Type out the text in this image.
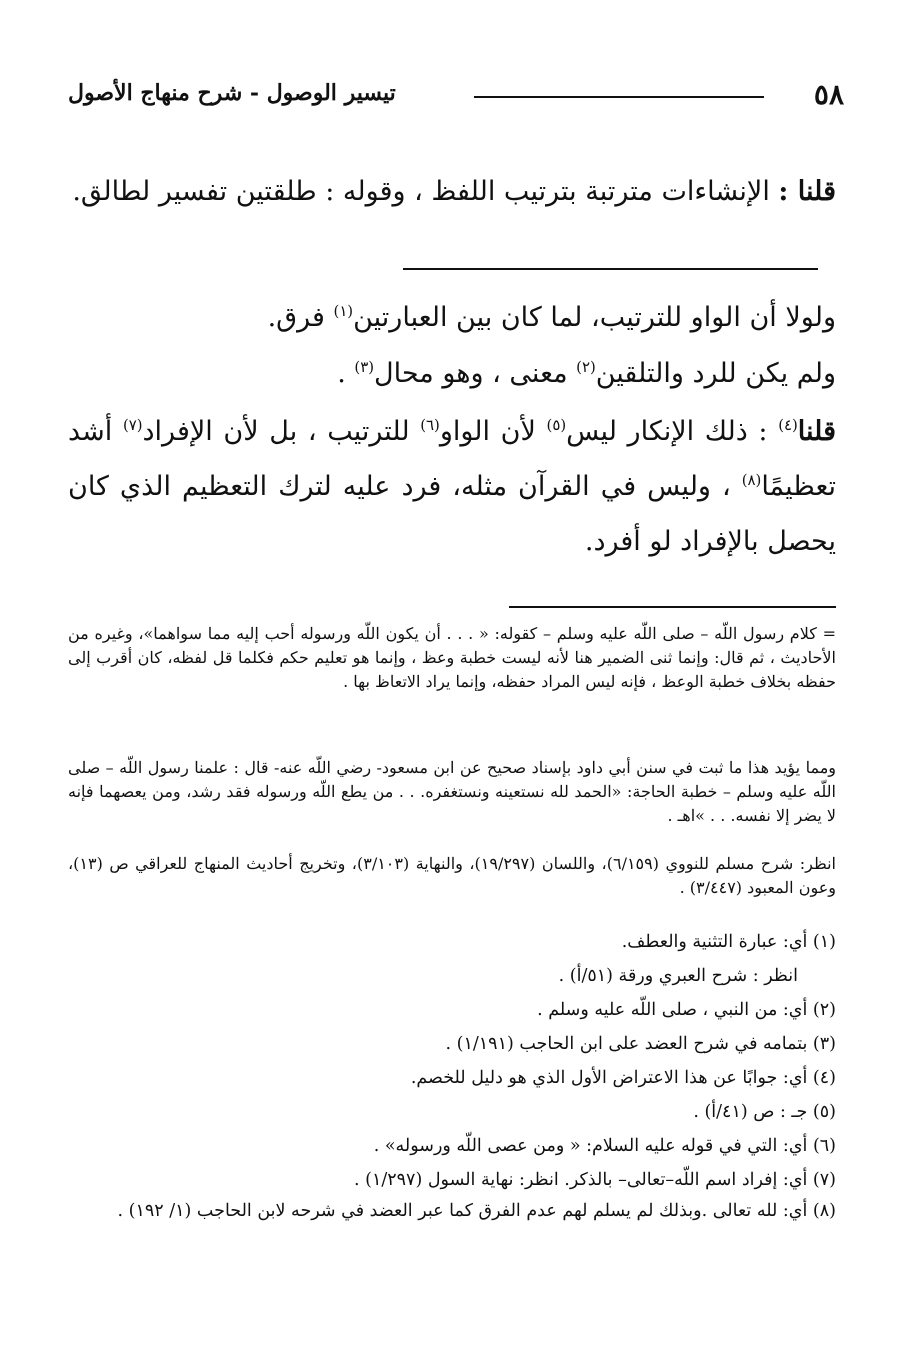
٥٨
تيسير الوصول - شرح منهاج الأصول
قلنا : الإنشاءات مترتبة بترتيب اللفظ ، وقوله : طلقتين تفسير لطالق.
ولولا أن الواو للترتيب، لما كان بين العبارتين$^{(١)}$ فرق.
ولم يكن للرد والتلقين$^{(٢)}$ معنى ، وهو محال$^{(٣)}$ .
قلنا$^{(٤)}$ : ذلك الإنكار ليس$^{(٥)}$ لأن الواو$^{(٦)}$ للترتيب ، بل لأن الإفراد$^{(٧)}$ أشد تعظيمًا$^{(٨)}$ ، وليس في القرآن مثله، فرد عليه لترك التعظيم الذي كان يحصل بالإفراد لو أفرد.
= كلام رسول اللّه – صلى اللّه عليه وسلم – كقوله: « . . . أن يكون اللّه ورسوله أحب إليه مما سواهما»، وغيره من الأحاديث ، ثم قال: وإنما ثنى الضمير هنا لأنه ليست خطبة وعظ ، وإنما هو تعليم حكم فكلما قل لفظه، كان أقرب إلى حفظه بخلاف خطبة الوعظ ، فإنه ليس المراد حفظه، وإنما يراد الاتعاظ بها .
ومما يؤيد هذا ما ثبت في سنن أبي داود بإسناد صحيح عن ابن مسعود- رضي اللّه عنه- قال : علمنا رسول اللّه – صلى اللّه عليه وسلم – خطبة الحاجة: «الحمد لله نستعينه ونستغفره. . . من يطع اللّه ورسوله فقد رشد، ومن يعصهما فإنه لا يضر إلا نفسه. . . »اهـ .
انظر: شرح مسلم للنووي (٦/١٥٩)، واللسان (١٩/٢٩٧)، والنهاية (٣/١٠٣)، وتخريج أحاديث المنهاج للعراقي ص (١٣)، وعون المعبود (٣/٤٤٧) .
(١) أي: عبارة التثنية والعطف.
انظر : شرح العبري ورقة (٥١/أ) .
(٢) أي: من النبي ، صلى اللّه عليه وسلم .
(٣) بتمامه في شرح العضد على ابن الحاجب (١/١٩١) .
(٤) أي: جوابًا عن هذا الاعتراض الأول الذي هو دليل للخصم.
(٥) جـ : ص (٤١/أ) .
(٦) أي: التي في قوله عليه السلام: « ومن عصى اللّه ورسوله» .
(٧) أي: إفراد اسم اللّه–تعالى– بالذكر. انظر: نهاية السول (١/٢٩٧) .
(٨) أي: لله تعالى .وبذلك لم يسلم لهم عدم الفرق كما عبر العضد في شرحه لابن الحاجب (١/ ١٩٢) .
